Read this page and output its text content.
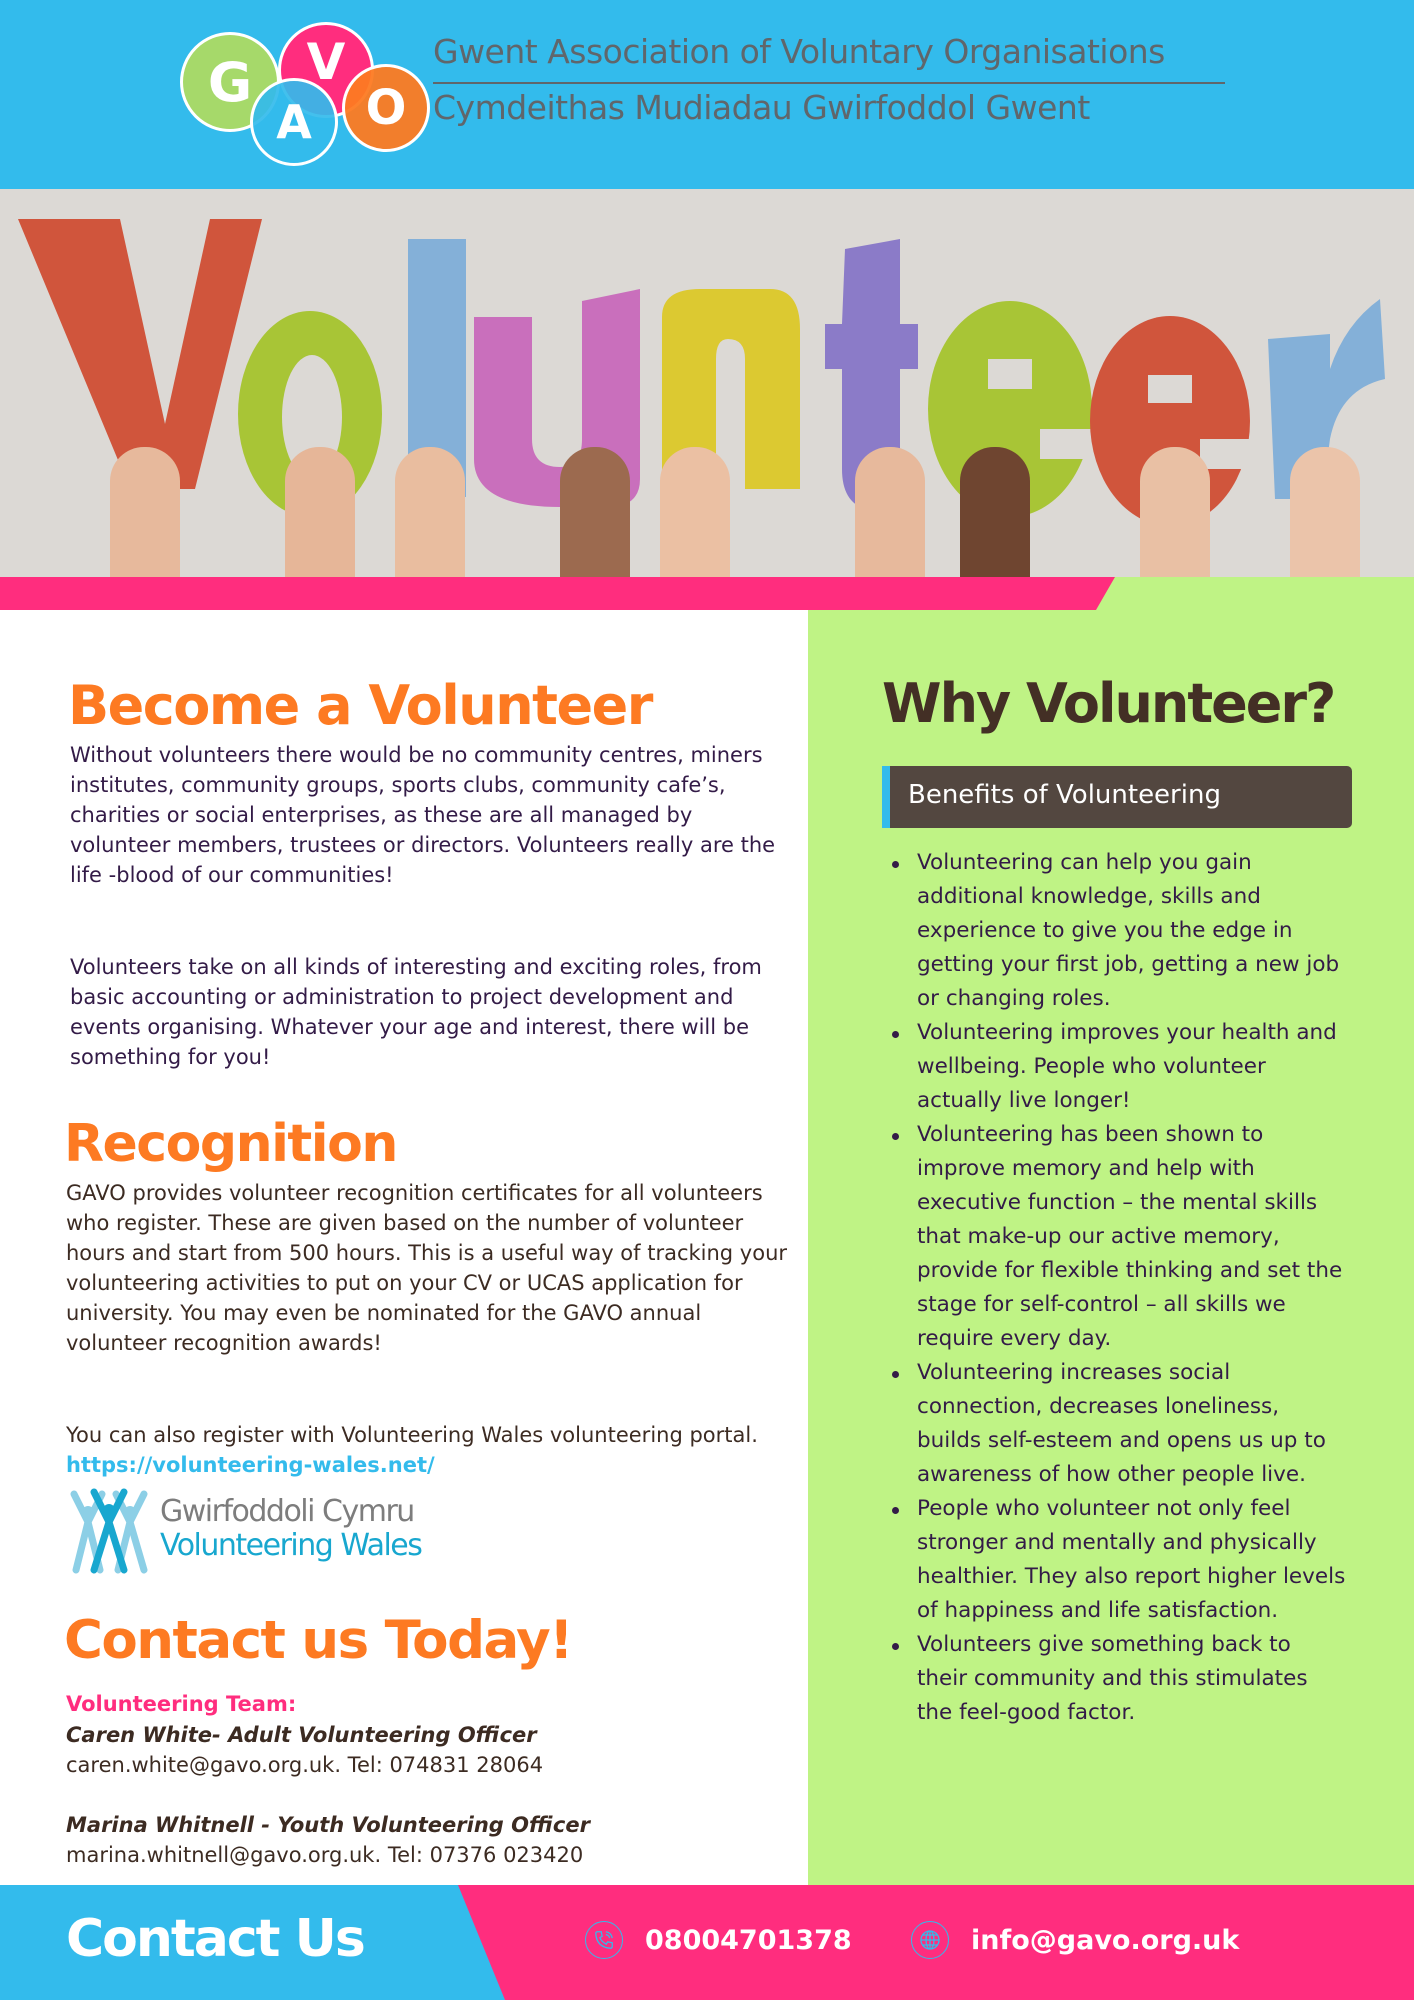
G V
A O
Gwent Association of Voluntary Organisations
Cymdeithas Mudiadau Gwirfoddol Gwent
Become a Volunteer

Without volunteers there would be no community centres, miners institutes, community groups, sports clubs, community cafe’s, charities or social enterprises, as these are all managed by volunteer members, trustees or directors. Volunteers really are the life -blood of our communities!

Volunteers take on all kinds of interesting and exciting roles, from basic accounting or administration to project development and events organising. Whatever your age and interest, there will be something for you!

Recognition

GAVO provides volunteer recognition certificates for all volunteers who register. These are given based on the number of volunteer hours and start from 500 hours. This is a useful way of tracking your volunteering activities to put on your CV or UCAS application for university. You may even be nominated for the GAVO annual volunteer recognition awards!

You can also register with Volunteering Wales volunteering portal. https://volunteering-wales.net/

Gwirfoddoli Cymru
Volunteering Wales
Contact us Today!
Volunteering Team:
Caren White- Adult Volunteering Officer
caren.white@gavo.org.uk. Tel: 074831 28064
Marina Whitnell - Youth Volunteering Officer
marina.whitnell@gavo.org.uk. Tel: 07376 023420
Why Volunteer?
Benefits of Volunteering
Volunteering can help you gain additional knowledge, skills and experience to give you the edge in getting your first job, getting a new job or changing roles.
Volunteering improves your health and wellbeing. People who volunteer actually live longer!
Volunteering has been shown to improve memory and help with executive function – the mental skills that make-up our active memory, provide for flexible thinking and set the stage for self-control – all skills we require every day.
Volunteering increases social connection, decreases loneliness, builds self-esteem and opens us up to awareness of how other people live.
People who volunteer not only feel stronger and mentally and physically healthier. They also report higher levels of happiness and life satisfaction.
Volunteers give something back to their community and this stimulates the feel-good factor.
Contact Us	08004701378	info@gavo.org.uk
